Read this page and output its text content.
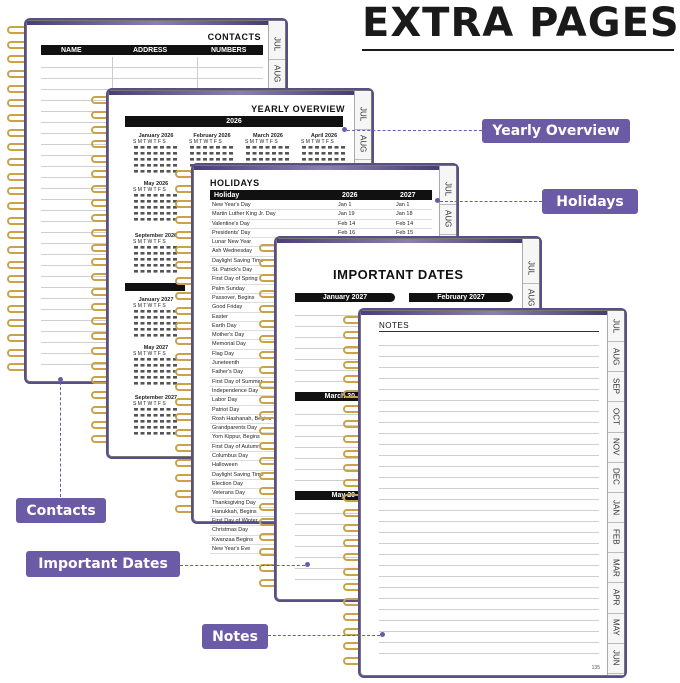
EXTRA PAGES
CONTACTS
NAME	ADDRESS	NUMBERS	JUL
AUG
YEARLY OVERVIEW
2026
January 2026
S M T W T F S
February 2026
S M T W T F S
March 2026
S M T W T F S
April 2026
S M T W T F S
May 2026
S M T W T F S
September 2026
S M T W T F S
January 2027
S M T W T F S
May 2027
S M T W T F S
September 2027
S M T W T F S
JUL
AUG
HOLIDAYS
Holiday	2026	2027
New Year's Day	Jan 1	Jan 1
Martin Luther King Jr. Day	Jan 19	Jan 18
Valentine's Day	Feb 14	Feb 14
Presidents' Day	Feb 16	Feb 15
Lunar New Year
Ash Wednesday
Daylight Saving Time
St. Patrick's Day
First Day of Spring
Palm Sunday
Passover, Begins
Good Friday
Easter
Earth Day
Mother's Day
Memorial Day
Flag Day
Juneteenth
Father's Day
First Day of Summer
Independence Day
Labor Day
Patriot Day
Rosh Hashanah, Begins
Grandparents Day
Yom Kippur, Begins
First Day of Autumn
Columbus Day
Halloween
Daylight Saving Time
Election Day
Veterans Day
Thanksgiving Day
Hanukkah, Begins
First Day of Winter
Christmas Day
Kwanzaa Begins
New Year's Eve
JUL
AUG
IMPORTANT DATES
January 2027	February 2027
March 20
May 20
JUL
AUG
NOTES
135
JUL
AUG
SEP
OCT
NOV
DEC
JAN
FEB
MAR
APR
MAY
JUN
Yearly Overview
Holidays
Contacts
Important Dates
Notes
